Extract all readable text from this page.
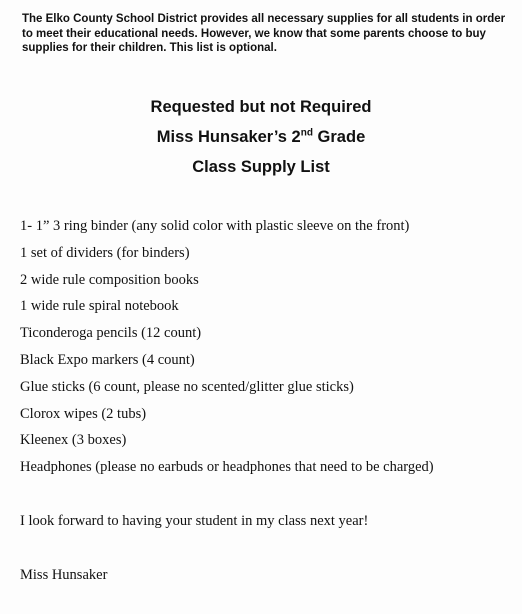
The Elko County School District provides all necessary supplies for all students in order to meet their educational needs. However, we know that some parents choose to buy supplies for their children. This list is optional.

Requested but not Required

Miss Hunsaker’s 2nd Grade

Class Supply List

1- 1” 3 ring binder (any solid color with plastic sleeve on the front)
1 set of dividers (for binders)
2 wide rule composition books
1 wide rule spiral notebook
Ticonderoga pencils (12 count)
Black Expo markers (4 count)
Glue sticks (6 count, please no scented/glitter glue sticks)
Clorox wipes (2 tubs)
Kleenex (3 boxes)
Headphones (please no earbuds or headphones that need to be charged)

I look forward to having your student in my class next year!

Miss Hunsaker
